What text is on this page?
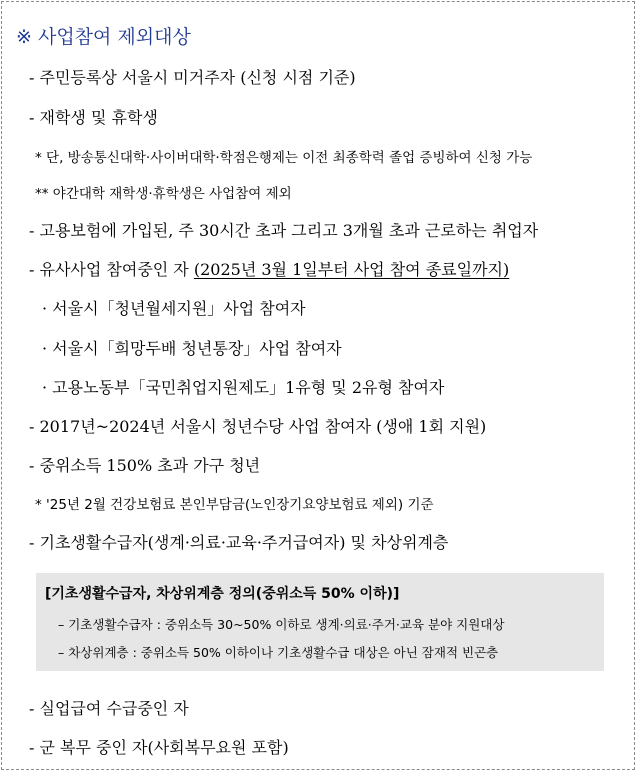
※ 사업참여 제외대상
- 주민등록상 서울시 미거주자 (신청 시점 기준)
- 재학생 및 휴학생
* 단, 방송통신대학·사이버대학·학점은행제는 이전 최종학력 졸업 증빙하여 신청 가능
** 야간대학 재학생·휴학생은 사업참여 제외
- 고용보험에 가입된, 주 30시간 초과 그리고 3개월 초과 근로하는 취업자
- 유사사업 참여중인 자 (2025년 3월 1일부터 사업 참여 종료일까지)
· 서울시「청년월세지원」사업 참여자
· 서울시「희망두배 청년통장」사업 참여자
· 고용노동부「국민취업지원제도」1유형 및 2유형 참여자
- 2017년~2024년 서울시 청년수당 사업 참여자 (생애 1회 지원)
- 중위소득 150% 초과 가구 청년
* '25년 2월 건강보험료 본인부담금(노인장기요양보험료 제외) 기준
- 기초생활수급자(생계·의료·교육·주거급여자) 및 차상위계층
[기초생활수급자, 차상위계층 정의(중위소득 50% 이하)]
– 기초생활수급자 : 중위소득 30~50% 이하로 생계·의료·주거·교육 분야 지원대상
– 차상위계층 : 중위소득 50% 이하이나 기초생활수급 대상은 아닌 잠재적 빈곤층
- 실업급여 수급중인 자
- 군 복무 중인 자(사회복무요원 포함)
